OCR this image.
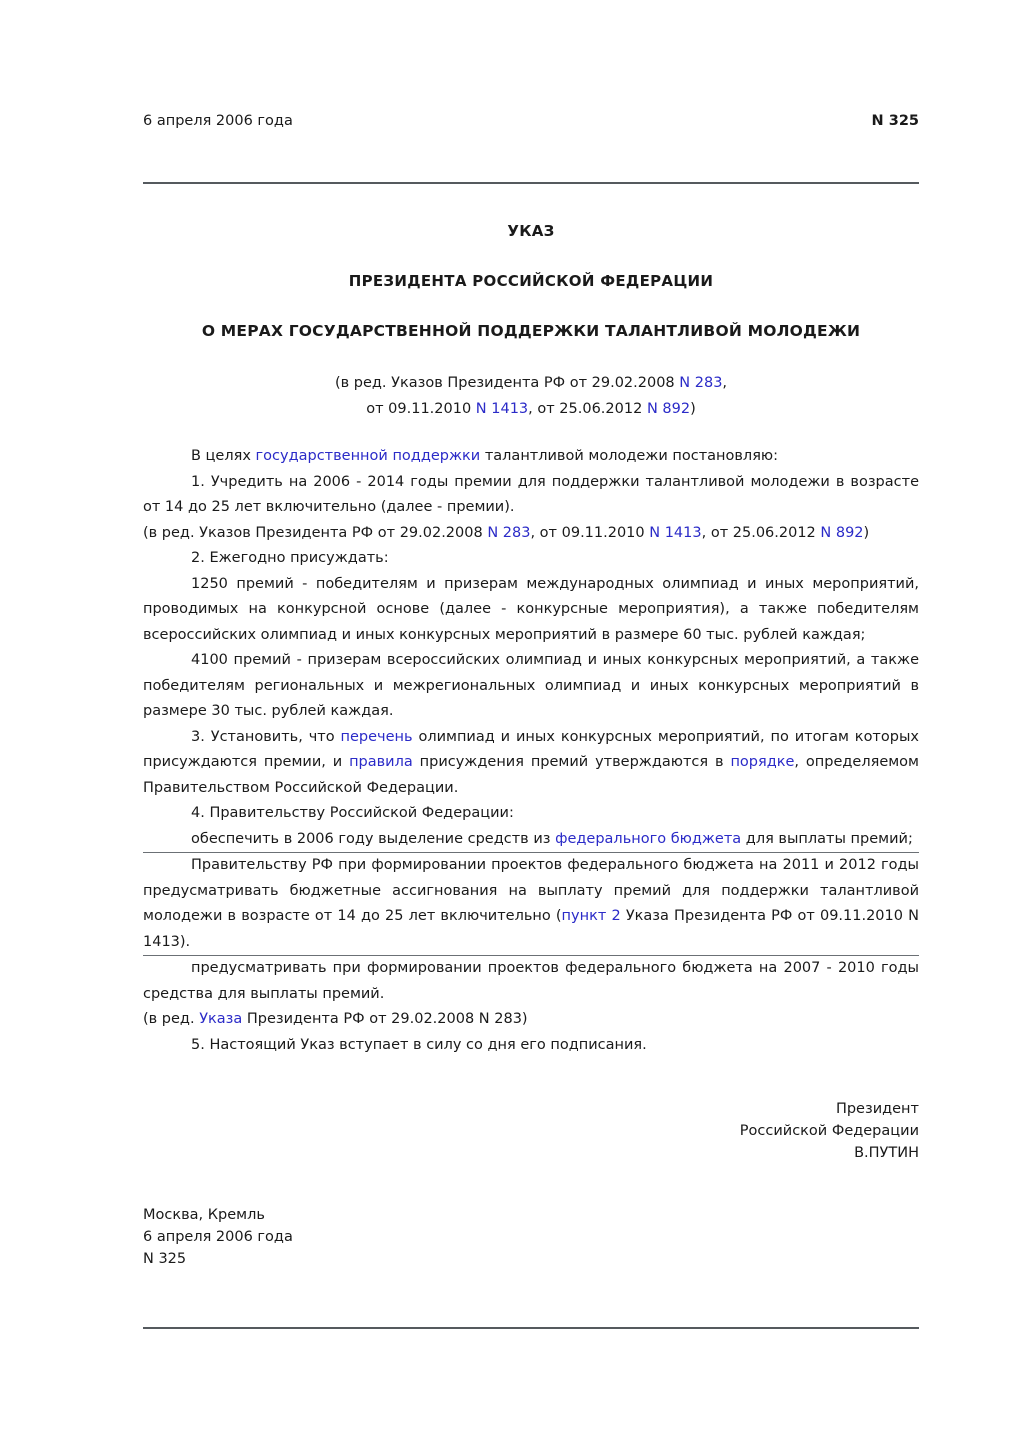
6 апреля 2006 года	N 325
УКАЗ
ПРЕЗИДЕНТА РОССИЙСКОЙ ФЕДЕРАЦИИ
О МЕРАХ ГОСУДАРСТВЕННОЙ ПОДДЕРЖКИ ТАЛАНТЛИВОЙ МОЛОДЕЖИ
(в ред. Указов Президента РФ от 29.02.2008 N 283,
от 09.11.2010 N 1413, от 25.06.2012 N 892)

В целях государственной поддержки талантливой молодежи постановляю:

1. Учредить на 2006 - 2014 годы премии для поддержки талантливой молодежи в возрасте от 14 до 25 лет включительно (далее - премии).

(в ред. Указов Президента РФ от 29.02.2008 N 283, от 09.11.2010 N 1413, от 25.06.2012 N 892)

2. Ежегодно присуждать:

1250 премий - победителям и призерам международных олимпиад и иных мероприятий, проводимых на конкурсной основе (далее - конкурсные мероприятия), а также победителям всероссийских олимпиад и иных конкурсных мероприятий в размере 60 тыс. рублей каждая;

4100 премий - призерам всероссийских олимпиад и иных конкурсных мероприятий, а также победителям региональных и межрегиональных олимпиад и иных конкурсных мероприятий в размере 30 тыс. рублей каждая.

3. Установить, что перечень олимпиад и иных конкурсных мероприятий, по итогам которых присуждаются премии, и правила присуждения премий утверждаются в порядке, определяемом Правительством Российской Федерации.

4. Правительству Российской Федерации:

обеспечить в 2006 году выделение средств из федерального бюджета для выплаты премий;

Правительству РФ при формировании проектов федерального бюджета на 2011 и 2012 годы предусматривать бюджетные ассигнования на выплату премий для поддержки талантливой молодежи в возрасте от 14 до 25 лет включительно (пункт 2 Указа Президента РФ от 09.11.2010 N 1413).

предусматривать при формировании проектов федерального бюджета на 2007 - 2010 годы средства для выплаты премий.

(в ред. Указа Президента РФ от 29.02.2008 N 283)

5. Настоящий Указ вступает в силу со дня его подписания.

Президент
Российской Федерации
В.ПУТИН
Москва, Кремль
6 апреля 2006 года
N 325
